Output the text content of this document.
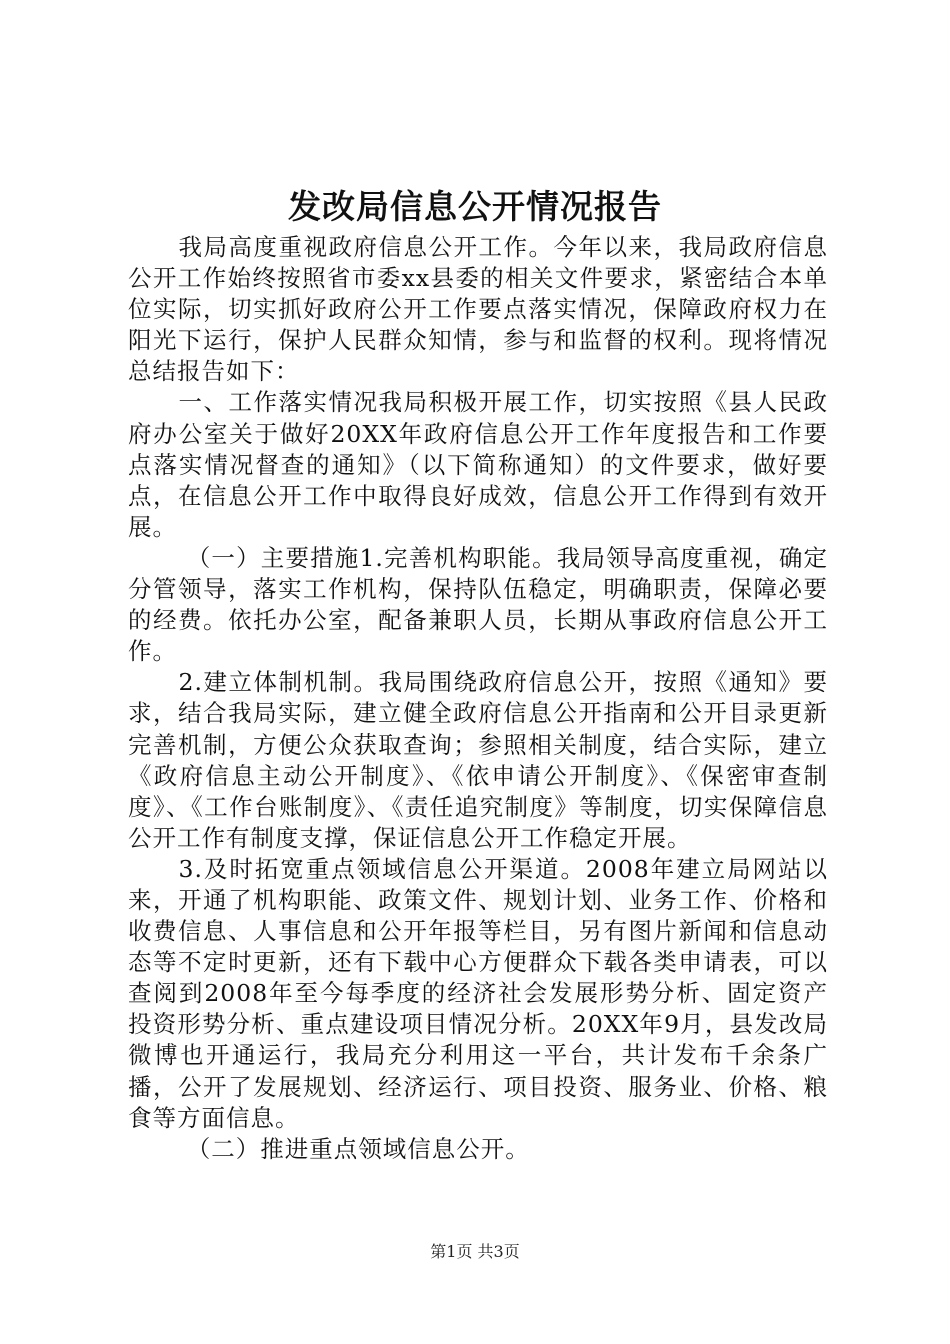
发改局信息公开情况报告

我局高度重视政府信息公开工作。今年以来，我局政府信息公开工作始终按照省市委xx县委的相关文件要求，紧密结合本单位实际，切实抓好政府公开工作要点落实情况，保障政府权力在阳光下运行，保护人民群众知情，参与和监督的权利。现将情况总结报告如下：

一、工作落实情况我局积极开展工作，切实按照《县人民政府办公室关于做好20XX年政府信息公开工作年度报告和工作要点落实情况督查的通知》（以下简称通知）的文件要求，做好要点，在信息公开工作中取得良好成效，信息公开工作得到有效开展。

（一）主要措施1.完善机构职能。我局领导高度重视，确定分管领导，落实工作机构，保持队伍稳定，明确职责，保障必要的经费。依托办公室，配备兼职人员，长期从事政府信息公开工作。

2.建立体制机制。我局围绕政府信息公开，按照《通知》要求，结合我局实际，建立健全政府信息公开指南和公开目录更新完善机制，方便公众获取查询；参照相关制度，结合实际，建立《政府信息主动公开制度》、《依申请公开制度》、《保密审查制度》、《工作台账制度》、《责任追究制度》等制度，切实保障信息公开工作有制度支撑，保证信息公开工作稳定开展。

3.及时拓宽重点领域信息公开渠道。2008年建立局网站以来，开通了机构职能、政策文件、规划计划、业务工作、价格和收费信息、人事信息和公开年报等栏目，另有图片新闻和信息动态等不定时更新，还有下载中心方便群众下载各类申请表，可以查阅到2008年至今每季度的经济社会发展形势分析、固定资产投资形势分析、重点建设项目情况分析。20XX年9月，县发改局微博也开通运行，我局充分利用这一平台，共计发布千余条广播，公开了发展规划、经济运行、项目投资、服务业、价格、粮食等方面信息。

（二）推进重点领域信息公开。

第1页 共3页
